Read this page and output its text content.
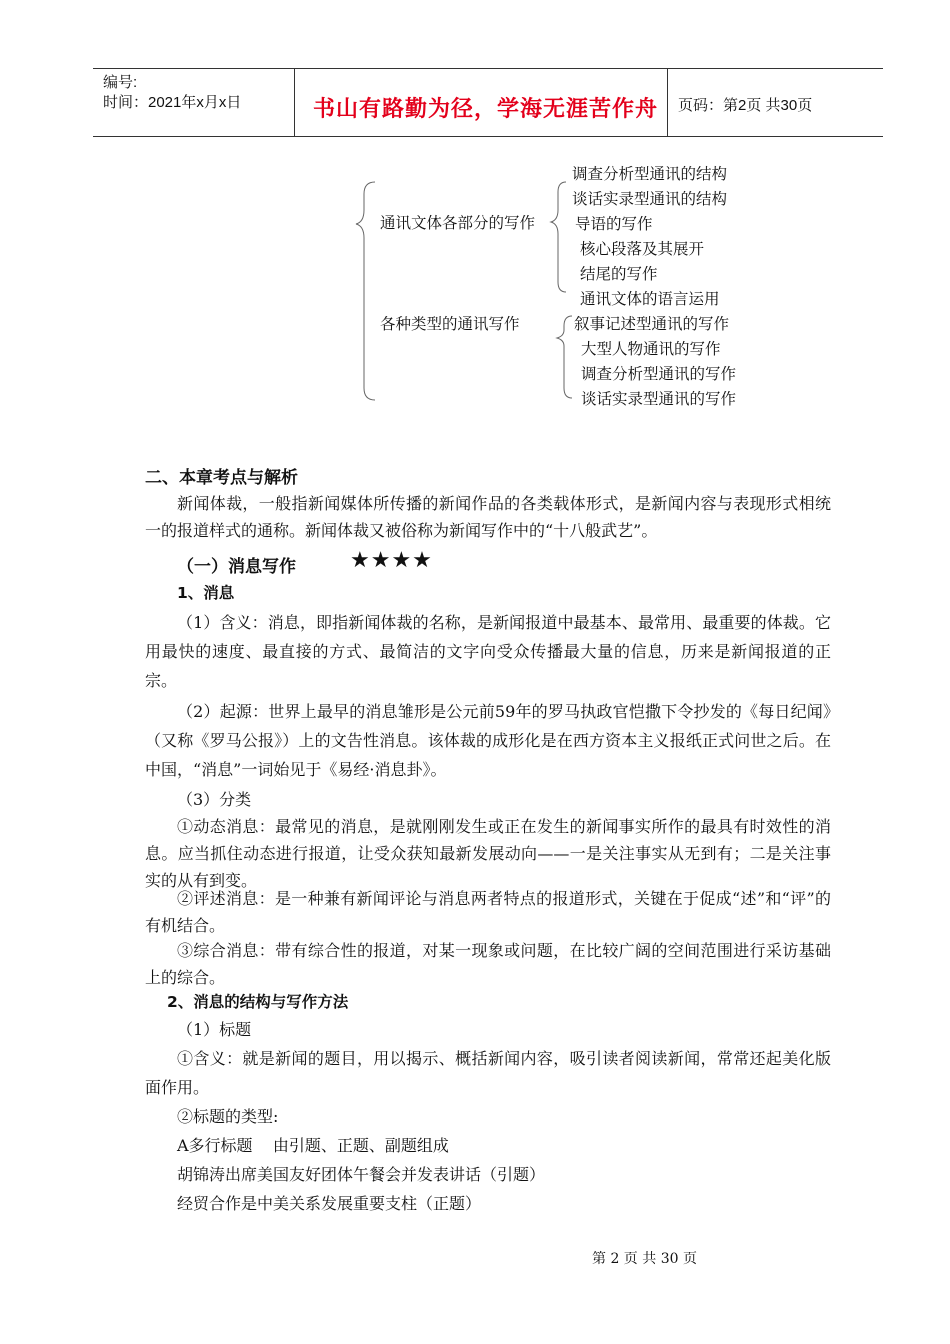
编号:
时间：2021年x月x日	书山有路勤为径，学海无涯苦作舟 页码：第2页 共30页
通讯文体各部分的写作
调查分析型通讯的结构
谈话实录型通讯的结构
导语的写作
核心段落及其展开
结尾的写作
通讯文体的语言运用
各种类型的通讯写作	叙事记述型通讯的写作
大型人物通讯的写作
调查分析型通讯的写作
谈话实录型通讯的写作
二、本章考点与解析
新闻体裁，一般指新闻媒体所传播的新闻作品的各类载体形式，是新闻内容与表现形式相统一的报道样式的通称。新闻体裁又被俗称为新闻写作中的“十八般武艺”。
（一）消息写作 ★★★★
1、消息
（1）含义：消息，即指新闻体裁的名称，是新闻报道中最基本、最常用、最重要的体裁。它用最快的速度、最直接的方式、最简洁的文字向受众传播最大量的信息，历来是新闻报道的正宗。
（2）起源：世界上最早的消息雏形是公元前59年的罗马执政官恺撒下令抄发的《每日纪闻》（又称《罗马公报》）上的文告性消息。该体裁的成形化是在西方资本主义报纸正式问世之后。在中国，“消息”一词始见于《易经·消息卦》。
（3）分类
①动态消息：最常见的消息，是就刚刚发生或正在发生的新闻事实所作的最具有时效性的消息。应当抓住动态进行报道，让受众获知最新发展动向——一是关注事实从无到有；二是关注事实的从有到变。
②评述消息：是一种兼有新闻评论与消息两者特点的报道形式，关键在于促成“述”和“评”的有机结合。
③综合消息：带有综合性的报道，对某一现象或问题，在比较广阔的空间范围进行采访基础上的综合。
2、消息的结构与写作方法
（1）标题
①含义：就是新闻的题目，用以揭示、概括新闻内容，吸引读者阅读新闻，常常还起美化版面作用。
②标题的类型:
A多行标题    由引题、正题、副题组成
胡锦涛出席美国友好团体午餐会并发表讲话（引题）
经贸合作是中美关系发展重要支柱（正题）
第 2 页 共 30 页
